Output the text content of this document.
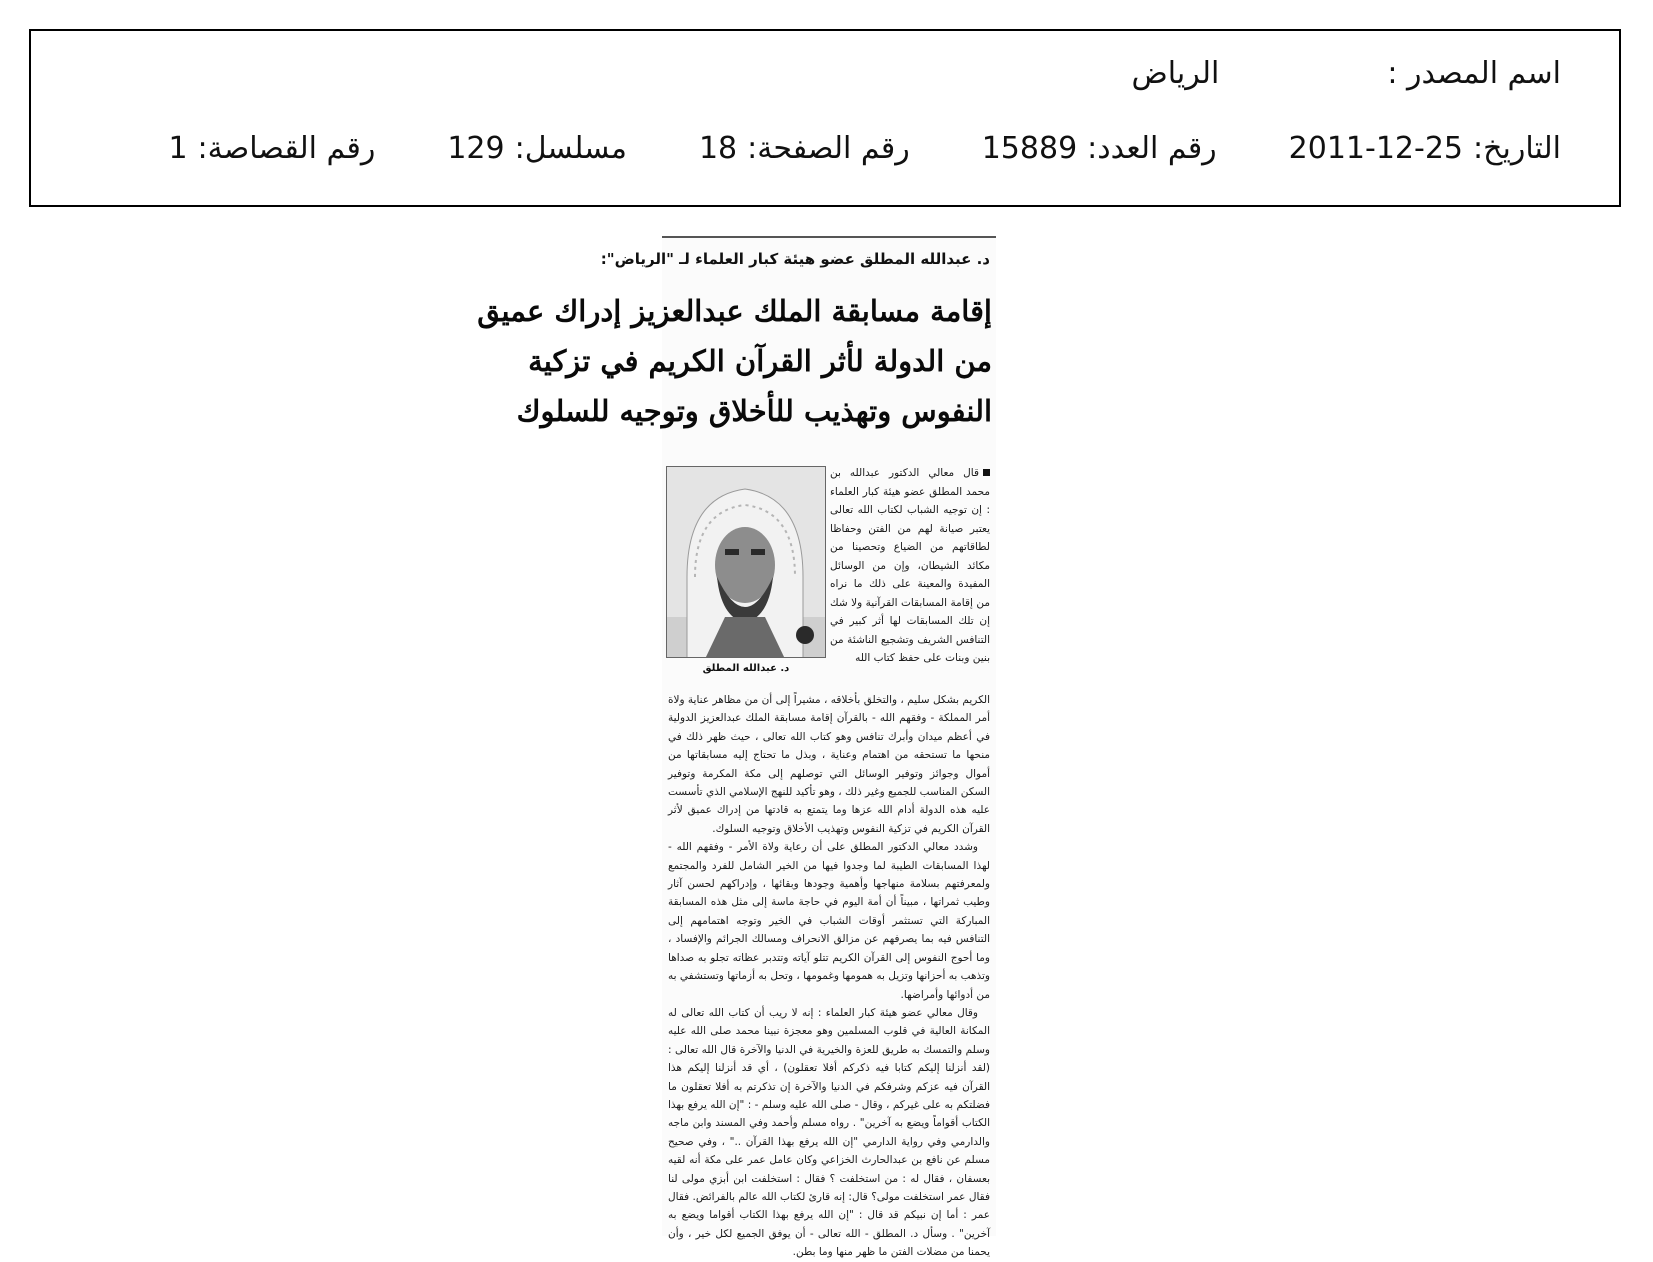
اسم المصدر :
الرياض
التاريخ:
2011-12-25
رقم العدد:
15889
رقم الصفحة:
18
مسلسل:
129
رقم القصاصة:
1
د. عبدالله المطلق عضو هيئة كبار العلماء لـ "الرياض":
إقامة مسابقة الملك عبدالعزيز إدراك عميق
من الدولة لأثر القرآن الكريم في تزكية
النفوس وتهذيب للأخلاق وتوجيه للسلوك
قال معالي الدكتور عبدالله بن محمد المطلق عضو هيئة كبار العلماء : إن توجيه الشباب لكتاب الله تعالى يعتبر صيانة لهم من الفتن وحفاظا لطاقاتهم من الضياع وتحصينا من مكائد الشيطان، وإن من الوسائل المفيدة والمعينة على ذلك ما نراه من إقامة المسابقات القرآنية ولا شك إن تلك المسابقات لها أثر كبير في التنافس الشريف وتشجيع الناشئة من بنين وبنات على حفظ كتاب الله
د. عبدالله المطلق

الكريم بشكل سليم ، والتخلق بأخلاقه ، مشيراً إلى أن من مظاهر عناية ولاة أمر المملكة - وفقهم الله - بالقرآن إقامة مسابقة الملك عبدالعزيز الدولية في أعظم ميدان وأبرك تنافس وهو كتاب الله تعالى ، حيث ظهر ذلك في منحها ما تستحقه من اهتمام وعناية ، وبذل ما تحتاج إليه مسابقاتها من أموال وجوائز وتوفير الوسائل التي توصلهم إلى مكة المكرمة وتوفير السكن المناسب للجميع وغير ذلك ، وهو تأكيد للنهج الإسلامي الذي تأسست عليه هذه الدولة أدام الله عزها وما يتمتع به قادتها من إدراك عميق لأثر القرآن الكريم في تزكية النفوس وتهذيب الأخلاق وتوجيه السلوك.

وشدد معالي الدكتور المطلق على أن رعاية ولاة الأمر - وفقهم الله - لهذا المسابقات الطيبة لما وجدوا فيها من الخير الشامل للفرد والمجتمع ولمعرفتهم بسلامة منهاجها وأهمية وجودها وبقائها ، وإدراكهم لحسن آثار وطيب ثمراتها ، مبيناً أن أمة اليوم في حاجة ماسة إلى مثل هذه المسابقة المباركة التي تستثمر أوقات الشباب في الخير وتوجه اهتمامهم إلى التنافس فيه بما يصرفهم عن مزالق الانحراف ومسالك الجرائم والإفساد ، وما أحوج النفوس إلى القرآن الكريم تتلو آياته وتتدبر عظاته تجلو به صداها وتذهب به أحزانها وتزيل به همومها وغمومها ، وتحل به أزماتها وتستشفي به من أدوائها وأمراضها.

وقال معالي عضو هيئة كبار العلماء : إنه لا ريب أن كتاب الله تعالى له المكانة العالية في قلوب المسلمين وهو معجزة نبينا محمد صلى الله عليه وسلم والتمسك به طريق للعزة والخيرية في الدنيا والآخرة قال الله تعالى : (لقد أنزلنا إليكم كتابا فيه ذكركم أفلا تعقلون) ، أي قد أنزلنا إليكم هذا القرآن فيه عزكم وشرفكم في الدنيا والآخرة إن تذكرتم به أفلا تعقلون ما فضلتكم به على غيركم ، وقال - صلى الله عليه وسلم - : "إن الله يرفع بهذا الكتاب أقواماً ويضع به آخرين" . رواه مسلم وأحمد وفي المسند وابن ماجه والدارمي وفي رواية الدارمي "إن الله يرفع بهذا القرآن .." ، وفي صحيح مسلم عن نافع بن عبدالحارث الخزاعي وكان عامل عمر على مكة أنه لقيه بعسفان ، فقال له : من استخلفت ؟ فقال : استخلفت ابن أبزي مولى لنا فقال عمر استخلفت مولى؟ قال: إنه قارئ لكتاب الله عالم بالفرائض. فقال عمر : أما إن نبيكم قد قال : "إن الله يرفع بهذا الكتاب أقواما ويضع به آخرين" . وسأل د. المطلق - الله تعالى - أن يوفق الجميع لكل خير ، وأن يحمنا من مضلات الفتن ما ظهر منها وما بطن.
